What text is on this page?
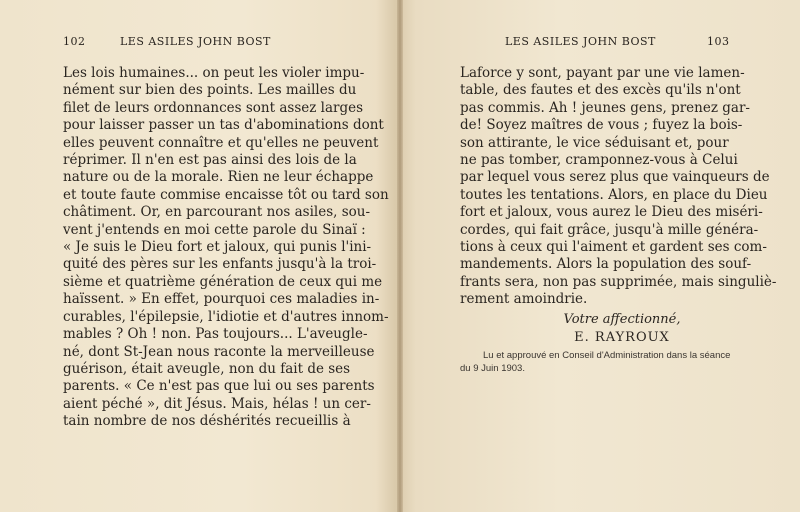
102	LES ASILES JOHN BOST
Les lois humaines... on peut les violer impu-
nément sur bien des points. Les mailles du
filet de leurs ordonnances sont assez larges
pour laisser passer un tas d'abominations dont
elles peuvent connaître et qu'elles ne peuvent
réprimer. Il n'en est pas ainsi des lois de la
nature ou de la morale. Rien ne leur échappe
et toute faute commise encaisse tôt ou tard son
châtiment. Or, en parcourant nos asiles, sou-
vent j'entends en moi cette parole du Sinaï :
« Je suis le Dieu fort et jaloux, qui punis l'ini-
quité des pères sur les enfants jusqu'à la troi-
sième et quatrième génération de ceux qui me
haïssent. » En effet, pourquoi ces maladies in-
curables, l'épilepsie, l'idiotie et d'autres innom-
mables ? Oh ! non. Pas toujours... L'aveugle-
né, dont St-Jean nous raconte la merveilleuse
guérison, était aveugle, non du fait de ses
parents. « Ce n'est pas que lui ou ses parents
aient péché », dit Jésus. Mais, hélas ! un cer-
tain nombre de nos déshérités recueillis à
LES ASILES JOHN BOST	103
Laforce y sont, payant par une vie lamen-
table, des fautes et des excès qu'ils n'ont
pas commis. Ah ! jeunes gens, prenez gar-
de! Soyez maîtres de vous ; fuyez la bois-
son attirante, le vice séduisant et, pour
ne pas tomber, cramponnez-vous à Celui
par lequel vous serez plus que vainqueurs de
toutes les tentations. Alors, en place du Dieu
fort et jaloux, vous aurez le Dieu des miséri-
cordes, qui fait grâce, jusqu'à mille généra-
tions à ceux qui l'aiment et gardent ses com-
mandements. Alors la population des souf-
frants sera, non pas supprimée, mais singuliè-
rement amoindrie.
Votre affectionné,
E. RAYROUX
Lu et approuvé en Conseil d'Administration dans la séance
du 9 Juin 1903.
